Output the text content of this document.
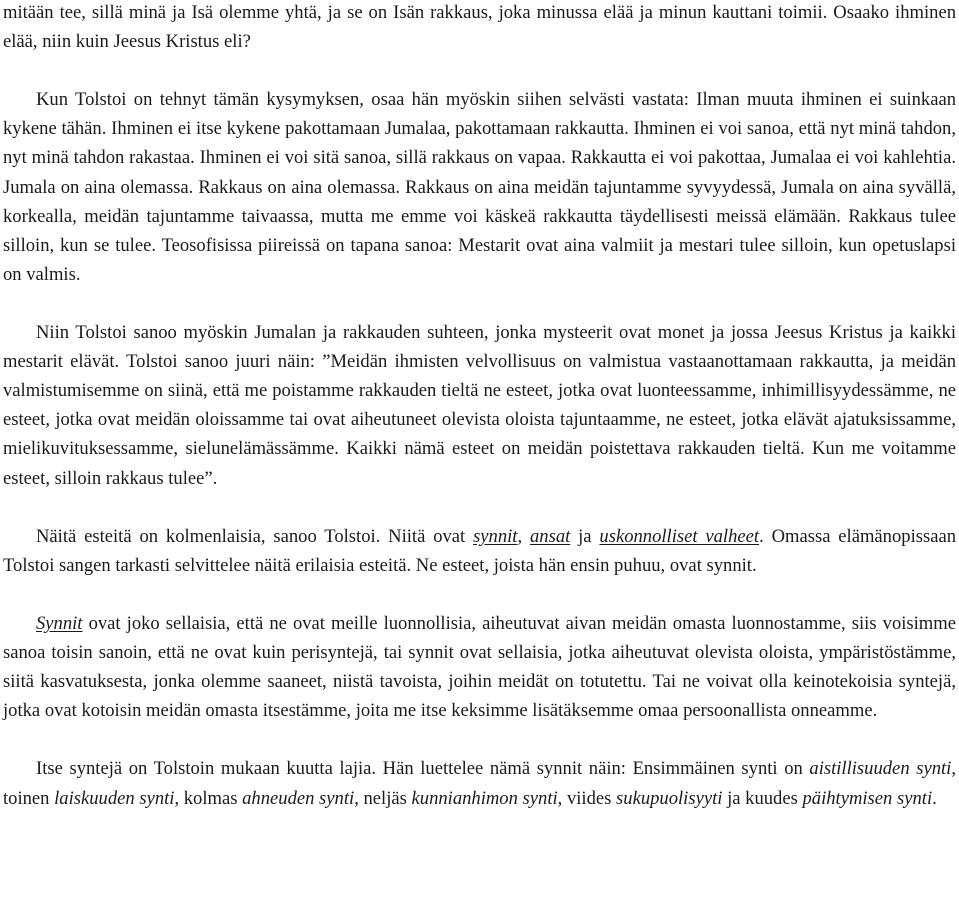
mitään tee, sillä minä ja Isä olemme yhtä, ja se on Isän rakkaus, joka minussa elää ja minun kauttani toimii. Osaako ihminen elää, niin kuin Jeesus Kristus eli?

Kun Tolstoi on tehnyt tämän kysymyksen, osaa hän myöskin siihen selvästi vastata: Ilman muuta ihminen ei suinkaan kykene tähän. Ihminen ei itse kykene pakottamaan Jumalaa, pakottamaan rakkautta. Ihminen ei voi sanoa, että nyt minä tahdon, nyt minä tahdon rakastaa. Ihminen ei voi sitä sanoa, sillä rakkaus on vapaa. Rakkautta ei voi pakottaa, Jumalaa ei voi kahlehtia. Jumala on aina olemassa. Rakkaus on aina olemassa. Rakkaus on aina meidän tajuntamme syvyydessä, Jumala on aina syvällä, korkealla, meidän tajuntamme taivaassa, mutta me emme voi käskeä rakkautta täydellisesti meissä elämään. Rakkaus tulee silloin, kun se tulee. Teosofisissa piireissä on tapana sanoa: Mestarit ovat aina valmiit ja mestari tulee silloin, kun opetuslapsi on valmis.

Niin Tolstoi sanoo myöskin Jumalan ja rakkauden suhteen, jonka mysteerit ovat monet ja jossa Jeesus Kristus ja kaikki mestarit elävät. Tolstoi sanoo juuri näin: ”Meidän ihmisten velvollisuus on valmistua vastaanottamaan rakkautta, ja meidän valmistumisemme on siinä, että me poistamme rakkauden tieltä ne esteet, jotka ovat luonteessamme, inhimillisyydessämme, ne esteet, jotka ovat meidän oloissamme tai ovat aiheutuneet olevista oloista tajuntaamme, ne esteet, jotka elävät ajatuksissamme, mielikuvituksessamme, sielunelämässämme. Kaikki nämä esteet on meidän poistettava rakkauden tieltä. Kun me voitamme esteet, silloin rakkaus tulee”.

Näitä esteitä on kolmenlaisia, sanoo Tolstoi. Niitä ovat synnit, ansat ja uskonnolliset valheet. Omassa elämänopissaan Tolstoi sangen tarkasti selvittelee näitä erilaisia esteitä. Ne esteet, joista hän ensin puhuu, ovat synnit.

Synnit ovat joko sellaisia, että ne ovat meille luonnollisia, aiheutuvat aivan meidän omasta luonnostamme, siis voisimme sanoa toisin sanoin, että ne ovat kuin perisyntejä, tai synnit ovat sellaisia, jotka aiheutuvat olevista oloista, ympäristöstämme, siitä kasvatuksesta, jonka olemme saaneet, niistä tavoista, joihin meidät on totutettu. Tai ne voivat olla keinotekoisia syntejä, jotka ovat kotoisin meidän omasta itsestämme, joita me itse keksimme lisätäksemme omaa persoonallista onneamme.

Itse syntejä on Tolstoin mukaan kuutta lajia. Hän luettelee nämä synnit näin: Ensimmäinen synti on aistillisuuden synti, toinen laiskuuden synti, kolmas ahneuden synti, neljäs kunnianhimon synti, viides sukupuolisyyti ja kuudes päihtymisen synti.
